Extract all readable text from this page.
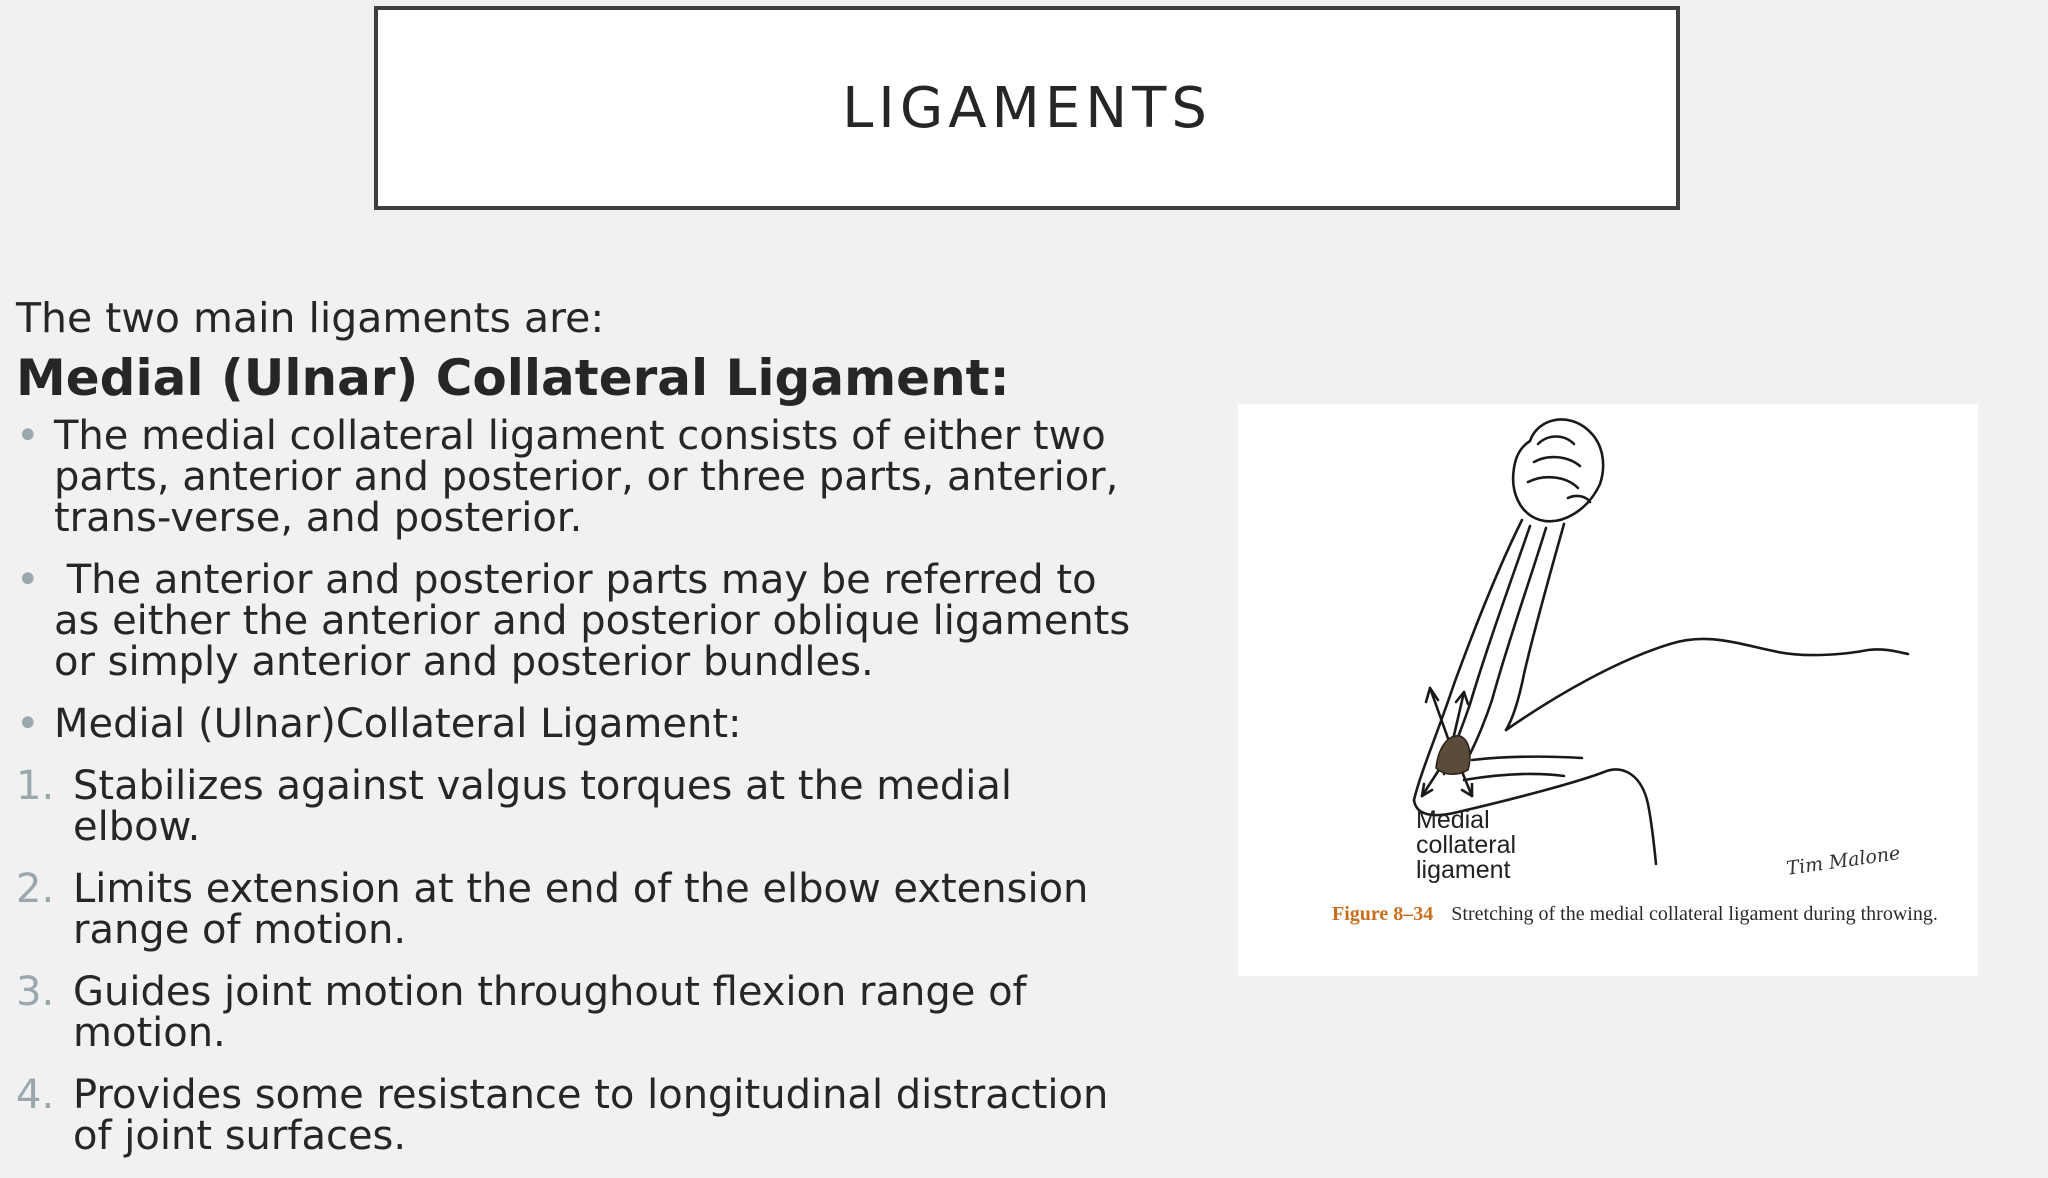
LIGAMENTS

The two main ligaments are:

Medial (Ulnar) Collateral Ligament:

• The medial collateral ligament consists of either two parts, anterior and posterior, or three parts, anterior, trans-verse, and posterior.
• The anterior and posterior parts may be referred to as either the anterior and posterior oblique ligaments or simply anterior and posterior bundles.
• Medial (Ulnar)Collateral Ligament:
1. Stabilizes against valgus torques at the medial elbow.
2. Limits extension at the end of the elbow extension range of motion.
3. Guides joint motion throughout flexion range of motion.
4. Provides some resistance to longitudinal distraction of joint surfaces.
Medial
collateral
ligament	Tim Malone
Figure 8–34 Stretching of the medial collateral ligament during throwing.
